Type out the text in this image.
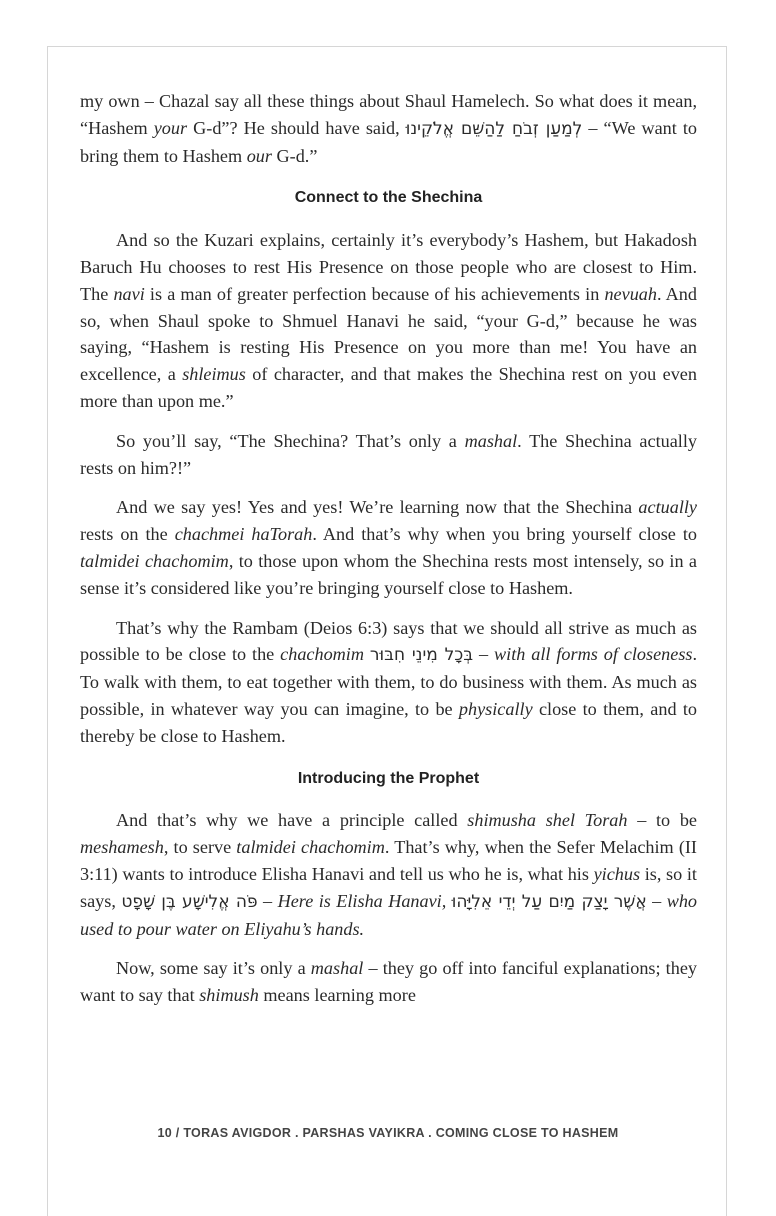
my own – Chazal say all these things about Shaul Hamelech. So what does it mean, “Hashem your G-d”? He should have said, לְמַעַן זְבֹחַ לַהַשֵּׁם אֱלֹקֵינוּ – “We want to bring them to Hashem our G-d.”

Connect to the Shechina

And so the Kuzari explains, certainly it’s everybody’s Hashem, but Hakadosh Baruch Hu chooses to rest His Presence on those people who are closest to Him. The navi is a man of greater perfection because of his achievements in nevuah. And so, when Shaul spoke to Shmuel Hanavi he said, “your G-d,” because he was saying, “Hashem is resting His Presence on you more than me! You have an excellence, a shleimus of character, and that makes the Shechina rest on you even more than upon me.”

So you’ll say, “The Shechina? That’s only a mashal. The Shechina actually rests on him?!”

And we say yes! Yes and yes! We’re learning now that the Shechina actually rests on the chachmei haTorah. And that’s why when you bring yourself close to talmidei chachomim, to those upon whom the Shechina rests most intensely, so in a sense it’s considered like you’re bringing yourself close to Hashem.

That’s why the Rambam (Deios 6:3) says that we should all strive as much as possible to be close to the chachomim בְּכָל מִינֵי חִבּוּר – with all forms of closeness. To walk with them, to eat together with them, to do business with them. As much as possible, in whatever way you can imagine, to be physically close to them, and to thereby be close to Hashem.

Introducing the Prophet

And that’s why we have a principle called shimusha shel Torah – to be meshamesh, to serve talmidei chachomim. That’s why, when the Sefer Melachim (II 3:11) wants to introduce Elisha Hanavi and tell us who he is, what his yichus is, so it says, פֹּה אֱלִישָׁע בֶּן שָׁפָט – Here is Elisha Hanavi, אֲשֶׁר יָצַק מַיִם עַל יְדֵי אֵלִיָּהוּ – who used to pour water on Eliyahu’s hands.

Now, some say it’s only a mashal – they go off into fanciful explanations; they want to say that shimush means learning more

10 / TORAS AVIGDOR . PARSHAS VAYIKRA . COMING CLOSE TO HASHEM
